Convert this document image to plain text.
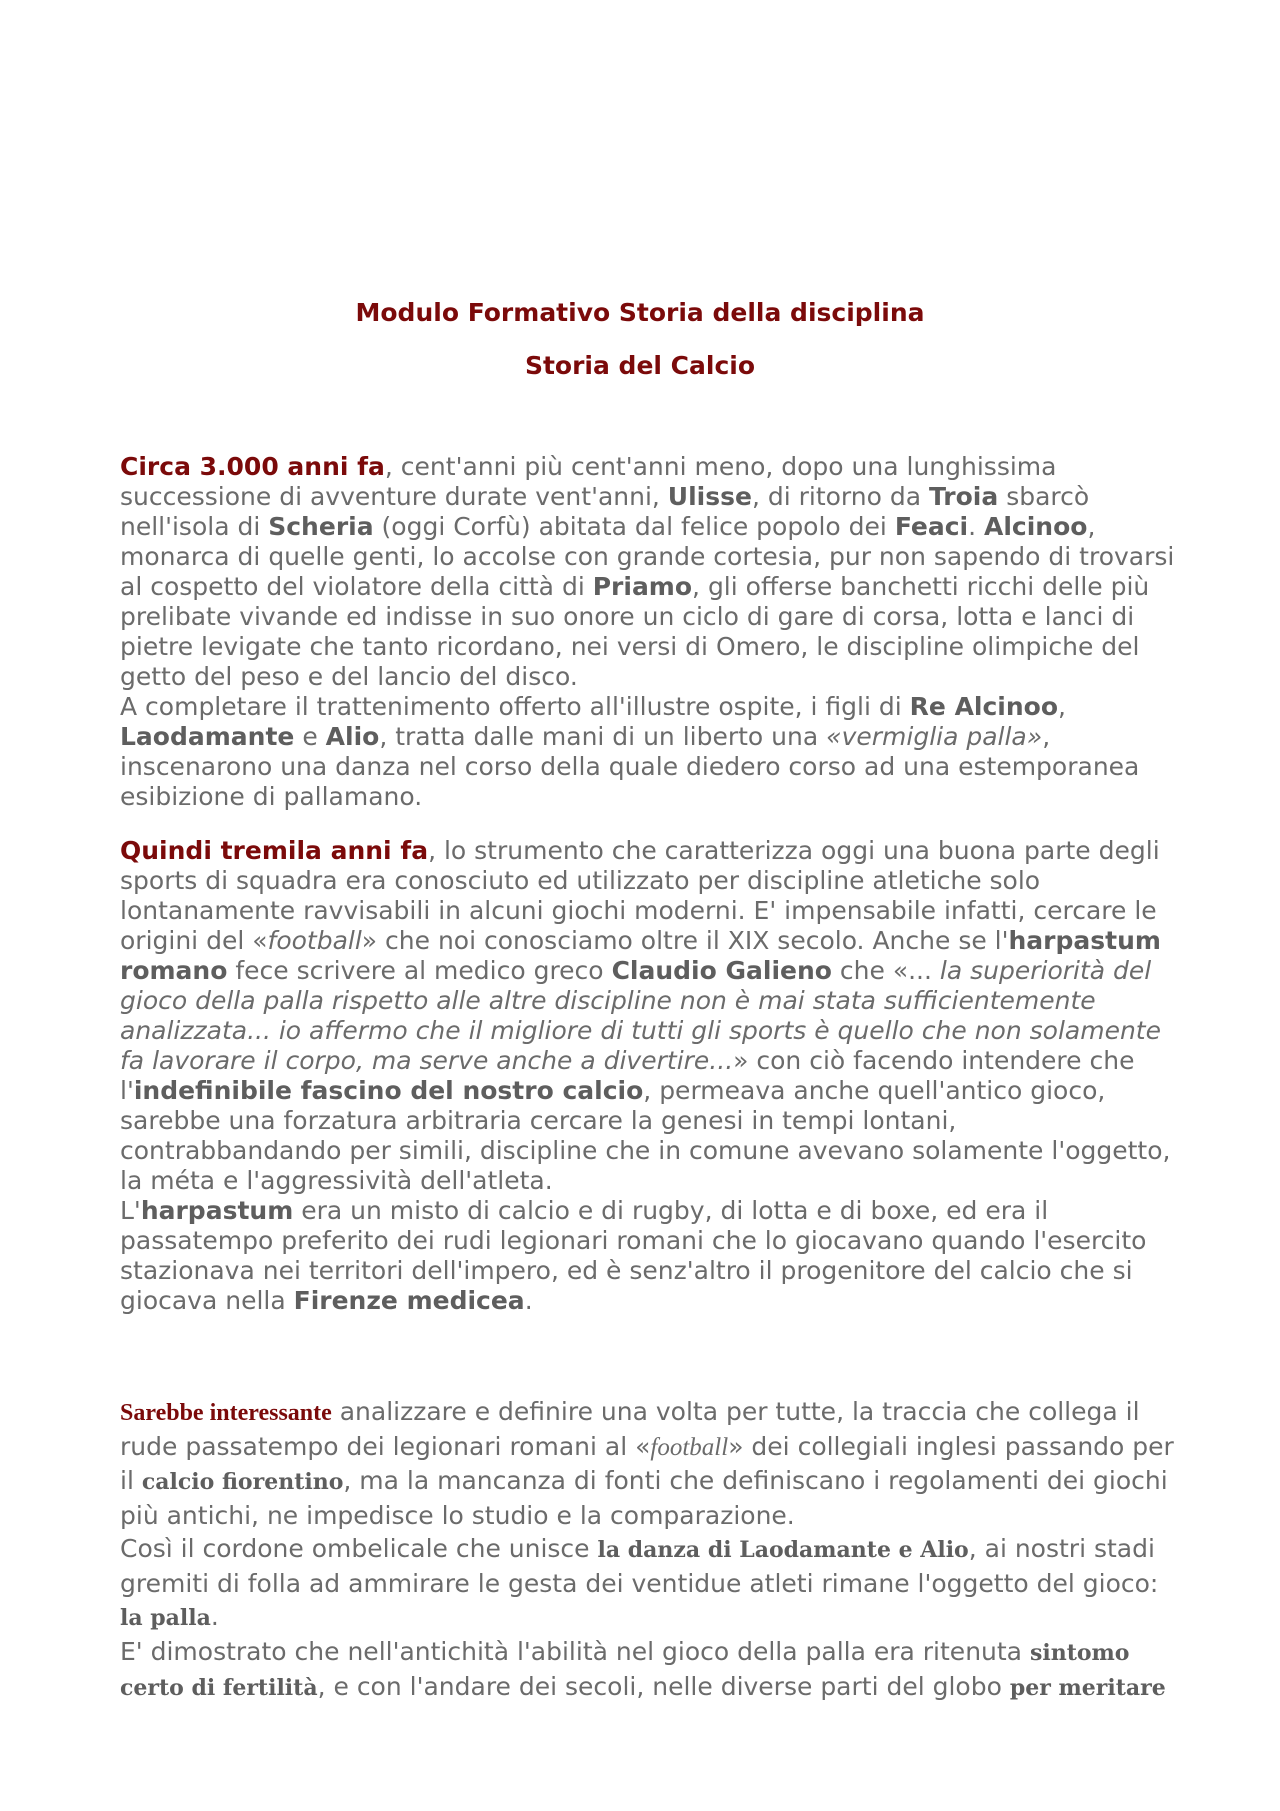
Modulo Formativo Storia della disciplina
Storia del Calcio

Circa 3.000 anni fa, cent'anni più cent'anni meno, dopo una lunghissima successione di avventure durate vent'anni, Ulisse, di ritorno da Troia sbarcò nell'isola di Scheria (oggi Corfù) abitata dal felice popolo dei Feaci. Alcinoo, monarca di quelle genti, lo accolse con grande cortesia, pur non sapendo di trovarsi al cospetto del violatore della città di Priamo, gli offerse banchetti ricchi delle più prelibate vivande ed indisse in suo onore un ciclo di gare di corsa, lotta e lanci di pietre levigate che tanto ricordano, nei versi di Omero, le discipline olimpiche del getto del peso e del lancio del disco.
A completare il trattenimento offerto all'illustre ospite, i figli di Re Alcinoo, Laodamante e Alio, tratta dalle mani di un liberto una «vermiglia palla», inscenarono una danza nel corso della quale diedero corso ad una estemporanea esibizione di pallamano.

Quindi tremila anni fa, lo strumento che caratterizza oggi una buona parte degli sports di squadra era conosciuto ed utilizzato per discipline atletiche solo lontanamente ravvisabili in alcuni giochi moderni. E' impensabile infatti, cercare le origini del «football» che noi conosciamo oltre il XIX secolo. Anche se l'harpastum romano fece scrivere al medico greco Claudio Galieno che «... la superiorità del gioco della palla rispetto alle altre discipline non è mai stata sufficientemente analizzata... io affermo che il migliore di tutti gli sports è quello che non solamente fa lavorare il corpo, ma serve anche a divertire...» con ciò facendo intendere che l'indefinibile fascino del nostro calcio, permeava anche quell'antico gioco, sarebbe una forzatura arbitraria cercare la genesi in tempi lontani, contrabbandando per simili, discipline che in comune avevano solamente l'oggetto, la méta e l'aggressività dell'atleta.
L'harpastum era un misto di calcio e di rugby, di lotta e di boxe, ed era il passatempo preferito dei rudi legionari romani che lo giocavano quando l'esercito stazionava nei territori dell'impero, ed è senz'altro il progenitore del calcio che si giocava nella Firenze medicea.

Sarebbe interessante analizzare e definire una volta per tutte, la traccia che collega il rude passatempo dei legionari romani al «football» dei collegiali inglesi passando per il calcio fiorentino, ma la mancanza di fonti che definiscano i regolamenti dei giochi più antichi, ne impedisce lo studio e la comparazione.
Così il cordone ombelicale che unisce la danza di Laodamante e Alio, ai nostri stadi gremiti di folla ad ammirare le gesta dei ventidue atleti rimane l'oggetto del gioco: la palla.
E' dimostrato che nell'antichità l'abilità nel gioco della palla era ritenuta sintomo certo di fertilità, e con l'andare dei secoli, nelle diverse parti del globo per meritare
